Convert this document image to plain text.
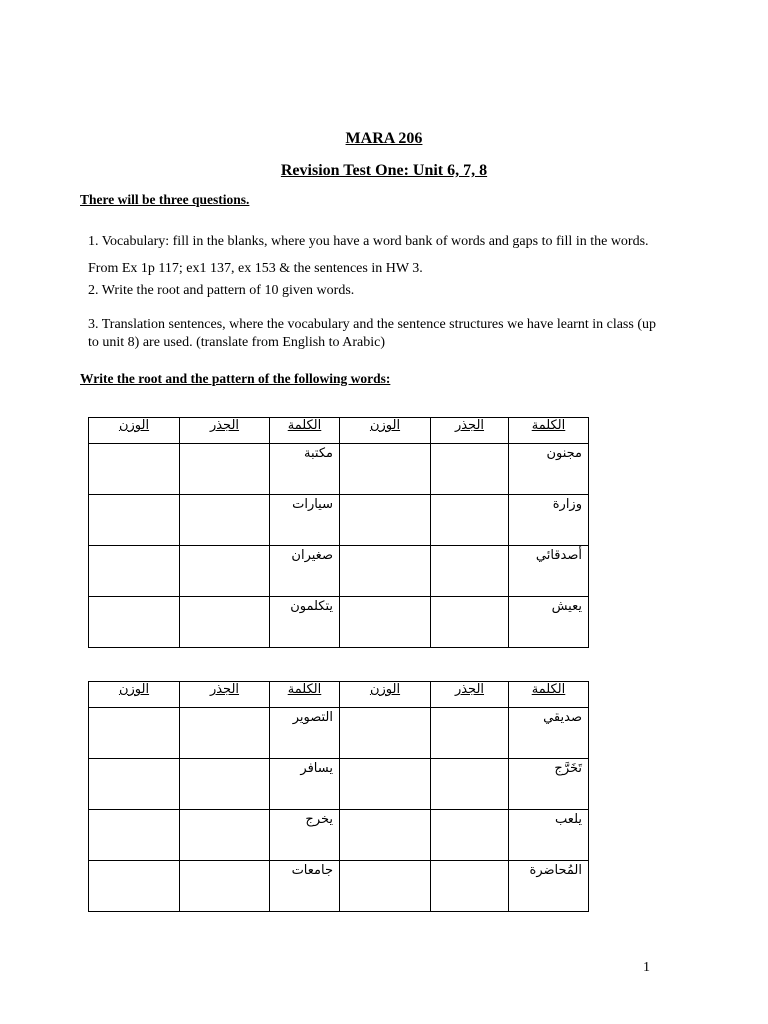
MARA 206
Revision Test One: Unit 6, 7, 8
There will be three questions.
1. Vocabulary: fill in the blanks, where you have a word bank of words and gaps to fill in the words. From Ex 1p 117; ex1 137, ex 153 & the sentences in HW 3.
2. Write the root and pattern of 10 given words.
3. Translation sentences, where the vocabulary and the sentence structures we have learnt in class (up to unit 8) are used. (translate from English to Arabic)
Write the root and the pattern of the following words:
الوزن	الجذر	الكلمة	الوزن	الجذر	الكلمة
		مكتبة			مجنون
		سيارات			وزارة
		صغيران			أصدقائي
		يتكلمون			يعيش
الوزن	الجذر	الكلمة	الوزن	الجذر	الكلمة
		التصوير			صديقي
		يسافر			تَخَرَّج
		يخرج			يلعب
		جامعات			المُحاضرة
1
